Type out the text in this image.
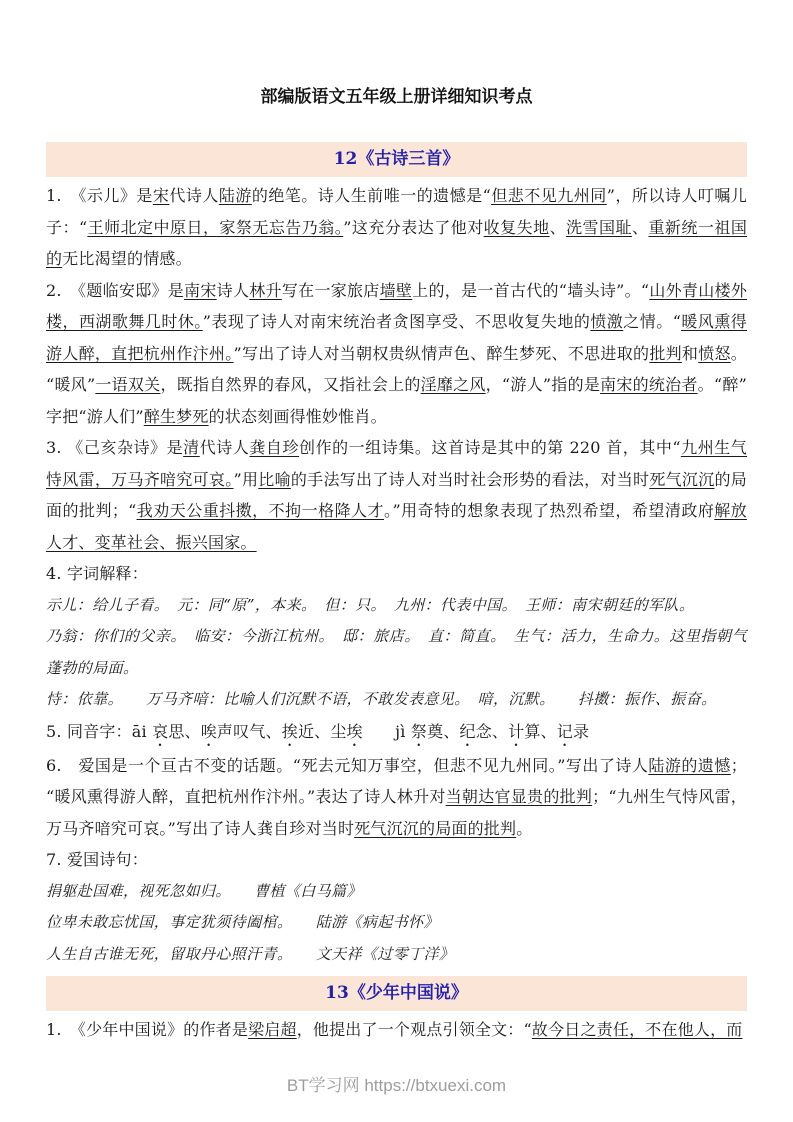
部编版语文五年级上册详细知识考点
12《古诗三首》

1.　《示儿》是宋代诗人陆游的绝笔。诗人生前唯一的遗憾是“但悲不见九州同”，所以诗人叮嘱儿子：“王师北定中原日，家祭无忘告乃翁。”这充分表达了他对收复失地、洗雪国耻、重新统一祖国的无比渴望的情感。

2.　《题临安邸》是南宋诗人林升写在一家旅店墙壁上的，是一首古代的“墙头诗”。“山外青山楼外楼，西湖歌舞几时休。”表现了诗人对南宋统治者贪图享受、不思收复失地的愤激之情。“暖风熏得游人醉，直把杭州作汴州。”写出了诗人对当朝权贵纵情声色、醉生梦死、不思进取的批判和愤怒。“暖风”一语双关，既指自然界的春风，又指社会上的淫靡之风，“游人”指的是南宋的统治者。“醉”字把“游人们”醉生梦死的状态刻画得惟妙惟肖。

3. 《己亥杂诗》是清代诗人龚自珍创作的一组诗集。这首诗是其中的第 220 首，其中“九州生气恃风雷，万马齐喑究可哀。”用比喻的手法写出了诗人对当时社会形势的看法，对当时死气沉沉的局面的批判；“我劝天公重抖擞，不拘一格降人才。”用奇特的想象表现了热烈希望，希望清政府解放人才、变革社会、振兴国家。

4. 字词解释：

示儿：给儿子看。　元：同“原”，本来。　但：只。　九州：代表中国。　王师：南宋朝廷的军队。

乃翁：你们的父亲。　临安：今浙江杭州。　邸：旅店。　直：简直。　生气：活力，生命力。这里指朝气蓬勃的局面。

恃：依靠。　　万马齐喑：比喻人们沉默不语，不敢发表意见。　喑，沉默。　　抖擞：振作、振奋。

5. 同音字：āi 哀思、唉声叹气、挨近、尘埃　　jì 祭奠、纪念、计算、记录

6.　爱国是一个亘古不变的话题。“死去元知万事空，但悲不见九州同。”写出了诗人陆游的遗憾；“暖风熏得游人醉，直把杭州作汴州。”表达了诗人林升对当朝达官显贵的批判；“九州生气恃风雷，万马齐喑究可哀。”写出了诗人龚自珍对当时死气沉沉的局面的批判。

7. 爱国诗句：

捐躯赴国难，视死忽如归。　　曹植《白马篇》

位卑未敢忘忧国，事定犹须待阖棺。　　陆游《病起书怀》

人生自古谁无死，留取丹心照汗青。　　文天祥《过零丁洋》

13《少年中国说》

1.　《少年中国说》的作者是梁启超，他提出了一个观点引领全文：“故今日之责任，不在他人，而

BT学习网 https://btxuexi.com
